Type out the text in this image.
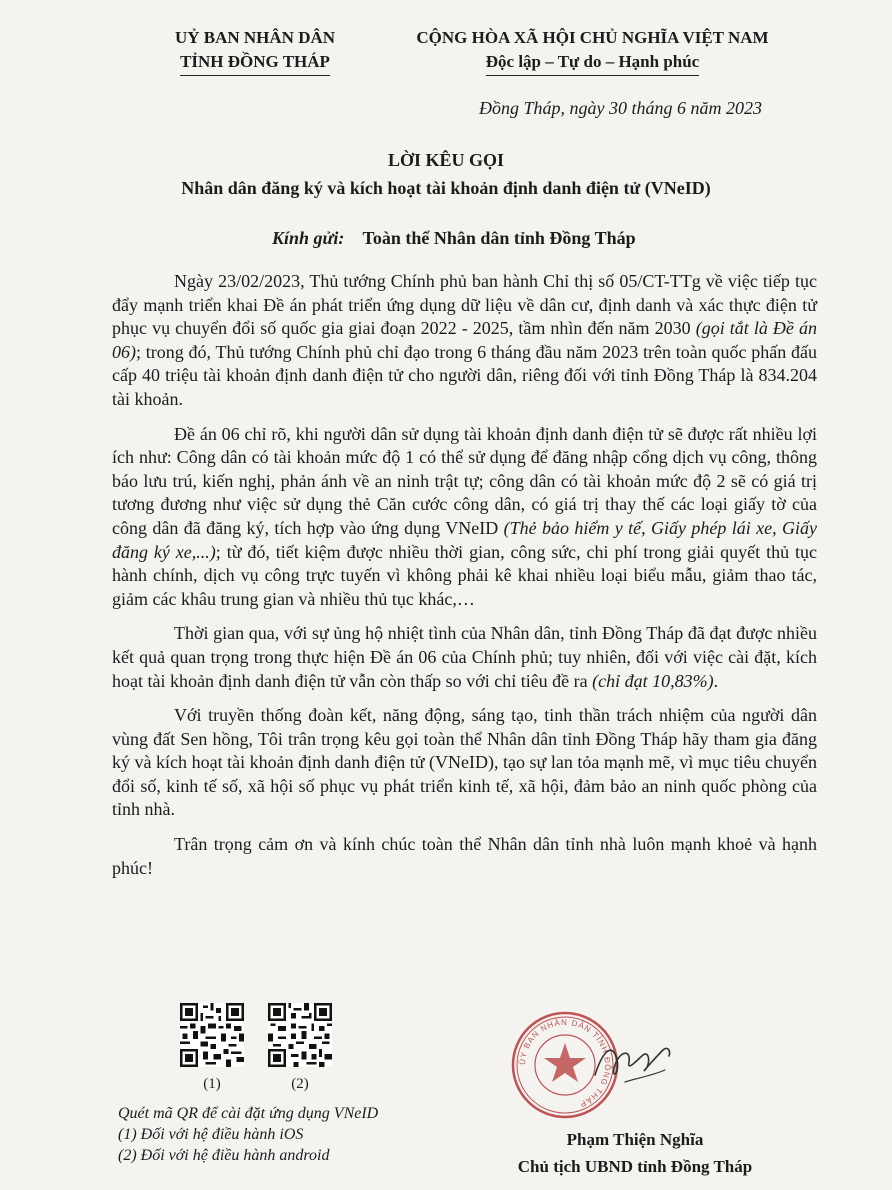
UỶ BAN NHÂN DÂN
TỈNH ĐỒNG THÁP
CỘNG HÒA XÃ HỘI CHỦ NGHĨA VIỆT NAM
Độc lập – Tự do – Hạnh phúc
Đồng Tháp, ngày 30 tháng 6 năm 2023
LỜI KÊU GỌI
Nhân dân đăng ký và kích hoạt tài khoản định danh điện tử (VNeID)
Kính gửi: Toàn thể Nhân dân tỉnh Đồng Tháp

Ngày 23/02/2023, Thủ tướng Chính phủ ban hành Chỉ thị số 05/CT-TTg về việc tiếp tục đẩy mạnh triển khai Đề án phát triển ứng dụng dữ liệu về dân cư, định danh và xác thực điện tử phục vụ chuyển đổi số quốc gia giai đoạn 2022 - 2025, tầm nhìn đến năm 2030 (gọi tắt là Đề án 06); trong đó, Thủ tướng Chính phủ chỉ đạo trong 6 tháng đầu năm 2023 trên toàn quốc phấn đấu cấp 40 triệu tài khoản định danh điện tử cho người dân, riêng đối với tỉnh Đồng Tháp là 834.204 tài khoản.

Đề án 06 chỉ rõ, khi người dân sử dụng tài khoản định danh điện tử sẽ được rất nhiều lợi ích như: Công dân có tài khoản mức độ 1 có thể sử dụng để đăng nhập cổng dịch vụ công, thông báo lưu trú, kiến nghị, phản ánh về an ninh trật tự; công dân có tài khoản mức độ 2 sẽ có giá trị tương đương như việc sử dụng thẻ Căn cước công dân, có giá trị thay thế các loại giấy tờ của công dân đã đăng ký, tích hợp vào ứng dụng VNeID (Thẻ bảo hiểm y tế, Giấy phép lái xe, Giấy đăng ký xe,...); từ đó, tiết kiệm được nhiều thời gian, công sức, chi phí trong giải quyết thủ tục hành chính, dịch vụ công trực tuyến vì không phải kê khai nhiều loại biểu mẫu, giảm thao tác, giảm các khâu trung gian và nhiều thủ tục khác,…

Thời gian qua, với sự ủng hộ nhiệt tình của Nhân dân, tỉnh Đồng Tháp đã đạt được nhiều kết quả quan trọng trong thực hiện Đề án 06 của Chính phủ; tuy nhiên, đối với việc cài đặt, kích hoạt tài khoản định danh điện tử vẫn còn thấp so với chỉ tiêu đề ra (chỉ đạt 10,83%).

Với truyền thống đoàn kết, năng động, sáng tạo, tinh thần trách nhiệm của người dân vùng đất Sen hồng, Tôi trân trọng kêu gọi toàn thể Nhân dân tỉnh Đồng Tháp hãy tham gia đăng ký và kích hoạt tài khoản định danh điện tử (VNeID), tạo sự lan tỏa mạnh mẽ, vì mục tiêu chuyển đổi số, kinh tế số, xã hội số phục vụ phát triển kinh tế, xã hội, đảm bảo an ninh quốc phòng của tỉnh nhà.

Trân trọng cảm ơn và kính chúc toàn thể Nhân dân tỉnh nhà luôn mạnh khoẻ và hạnh phúc!

(1)	(2)
Quét mã QR để cài đặt ứng dụng VNeID
(1) Đối với hệ điều hành iOS
(2) Đối với hệ điều hành android
ỦY BAN NHÂN DÂN TỈNH ĐỒNG THÁP
Phạm Thiện Nghĩa
Chủ tịch UBND tỉnh Đồng Tháp
